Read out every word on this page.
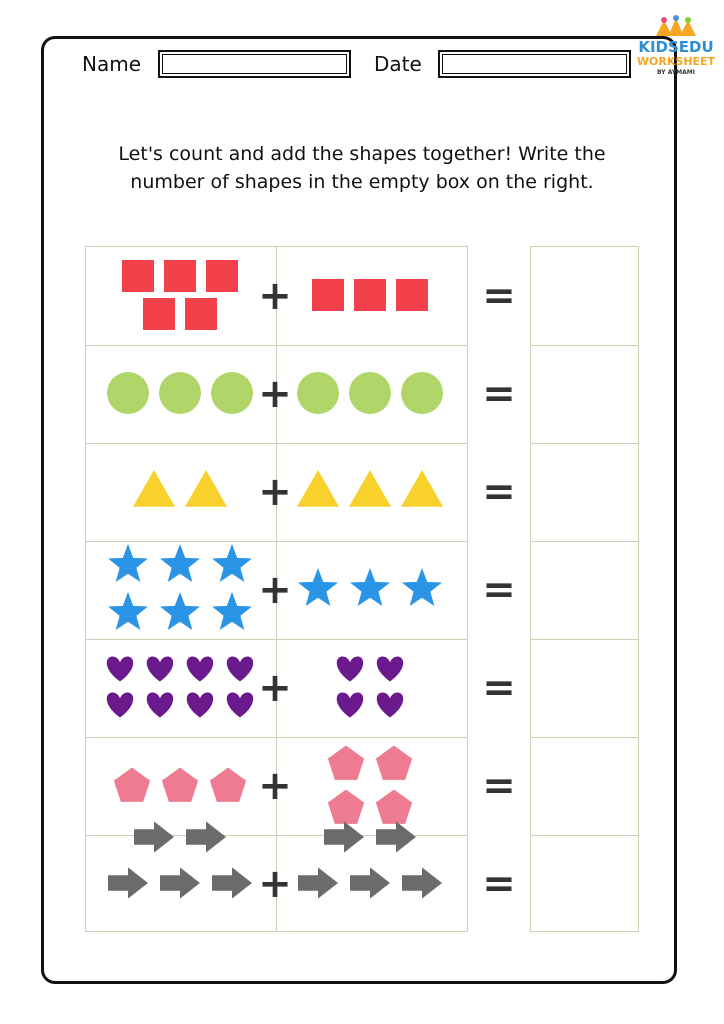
KIDSEDU
WORKSHEET
BY AYMAMI
Name	Date
Let's count and add the shapes together! Write the number of shapes in the empty box on the right.
+	=
+	=
+	=
+	=
+	=
+	=
+	=
